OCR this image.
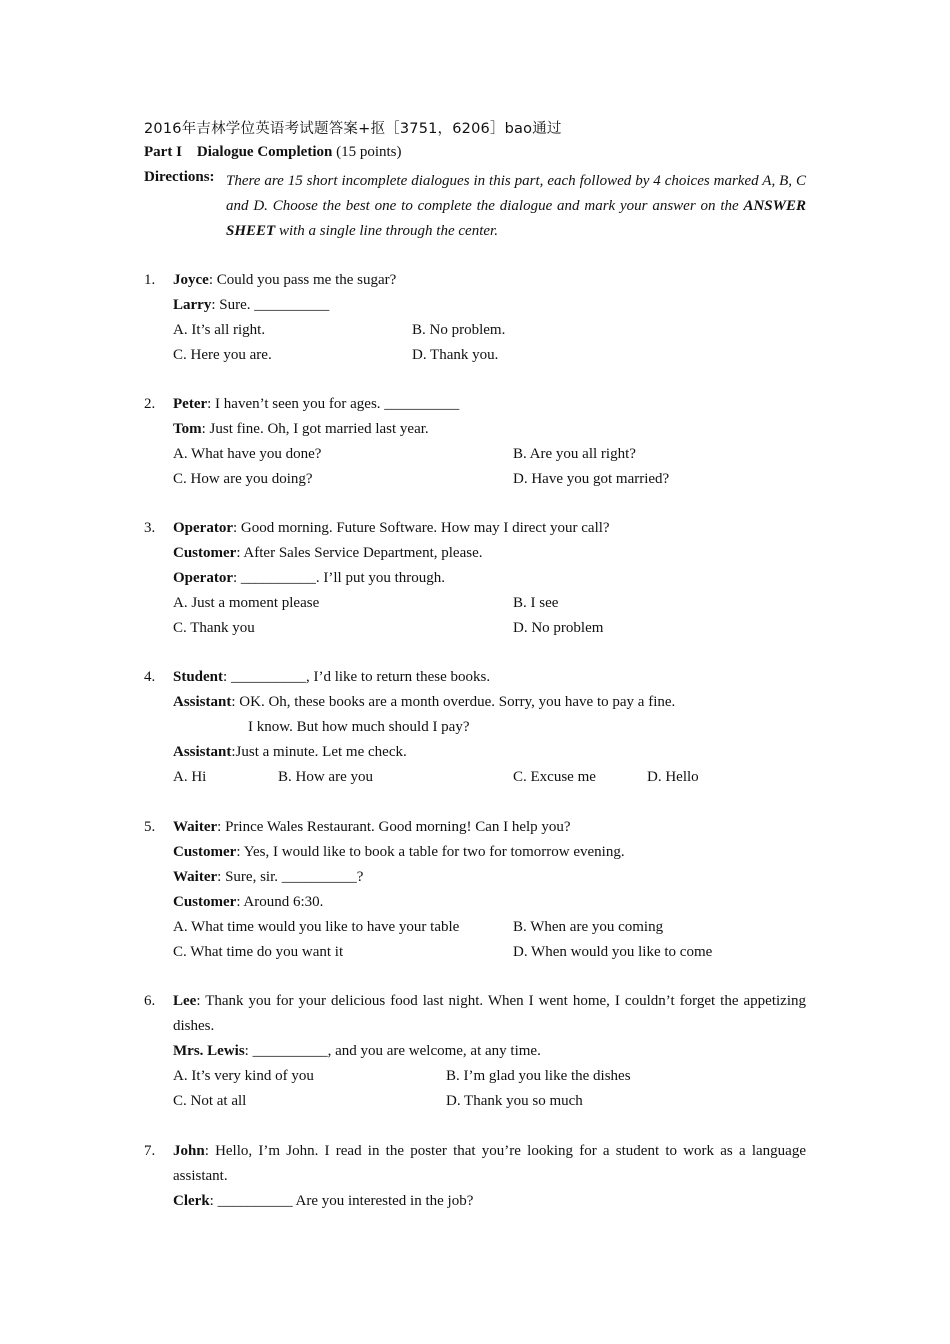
2016年吉林学位英语考试题答案+抠［3751，6206］bao通过
Part I Dialogue Completion (15 points)
Directions: There are 15 short incomplete dialogues in this part, each followed by 4 choices marked A, B, C and D. Choose the best one to complete the dialogue and mark your answer on the ANSWER SHEET with a single line through the center.
1. Joyce: Could you pass me the sugar?
Larry: Sure. __________
A. It’s all right.	B. No problem.
C. Here you are.	D. Thank you.
2. Peter: I haven’t seen you for ages. __________
Tom: Just fine. Oh, I got married last year.
A. What have you done?	B. Are you all right?
C. How are you doing?	D. Have you got married?
3. Operator: Good morning. Future Software. How may I direct your call?
Customer: After Sales Service Department, please.
Operator: __________. I’ll put you through.
A. Just a moment please	B. I see
C. Thank you	D. No problem
4. Student: __________, I’d like to return these books.
Assistant: OK. Oh, these books are a month overdue. Sorry, you have to pay a fine.
I know. But how much should I pay?
Assistant:Just a minute. Let me check.
A. Hi	B. How are you	C. Excuse me	D. Hello
5. Waiter: Prince Wales Restaurant. Good morning! Can I help you?
Customer: Yes, I would like to book a table for two for tomorrow evening.
Waiter: Sure, sir. __________?
Customer: Around 6:30.
A. What time would you like to have your table	B. When are you coming
C. What time do you want it	D. When would you like to come
6. Lee: Thank you for your delicious food last night. When I went home, I couldn’t forget the appetizing dishes.
Mrs. Lewis: __________, and you are welcome, at any time.
A. It’s very kind of you	B. I’m glad you like the dishes
C. Not at all	D. Thank you so much
7. John: Hello, I’m John. I read in the poster that you’re looking for a student to work as a language assistant.
Clerk: __________ Are you interested in the job?
